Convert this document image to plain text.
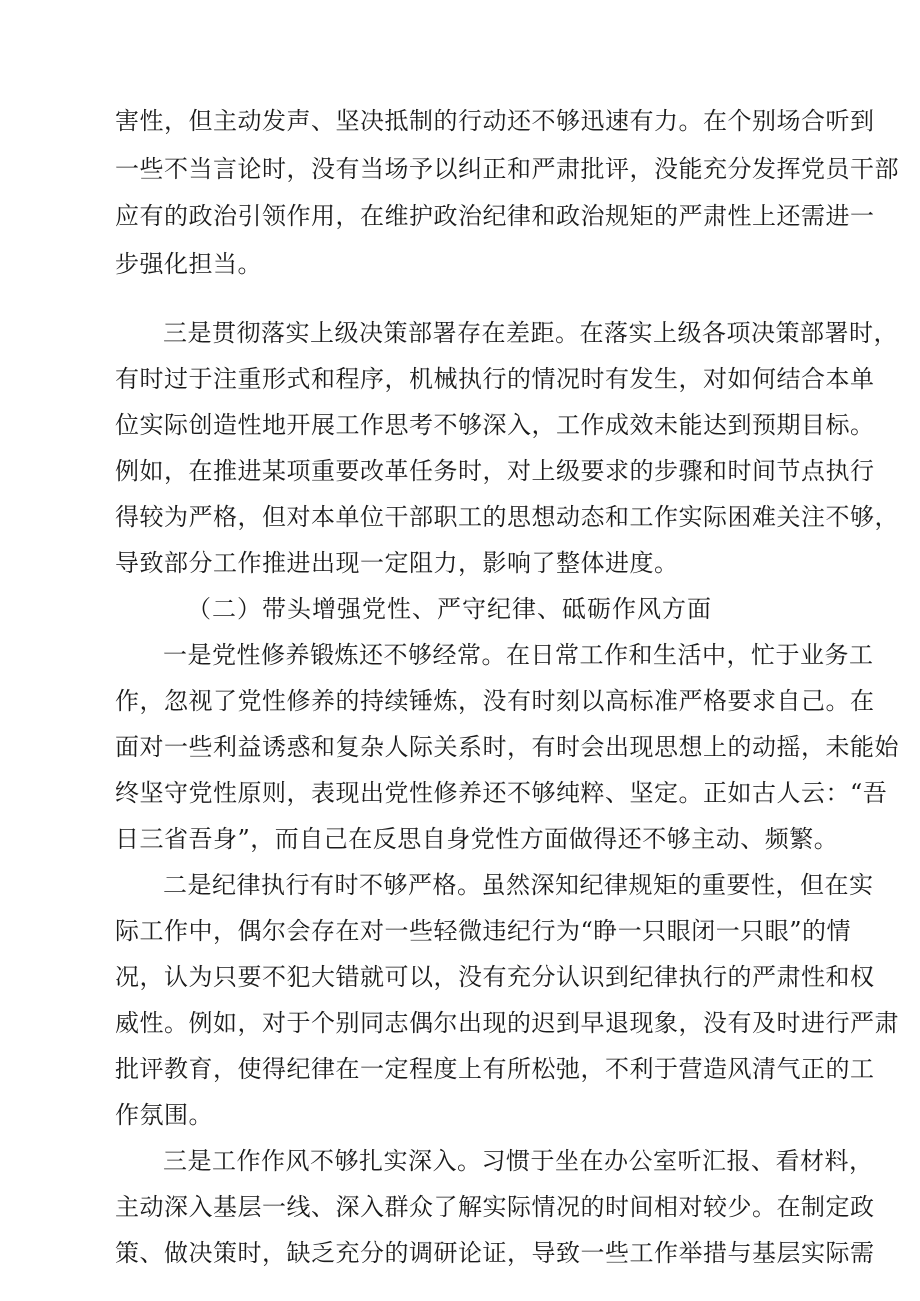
害性，但主动发声、坚决抵制的行动还不够迅速有力。在个别场合听到
一些不当言论时，没有当场予以纠正和严肃批评，没能充分发挥党员干部
应有的政治引领作用，在维护政治纪律和政治规矩的严肃性上还需进一
步强化担当。
三是贯彻落实上级决策部署存在差距。在落实上级各项决策部署时，
有时过于注重形式和程序，机械执行的情况时有发生，对如何结合本单
位实际创造性地开展工作思考不够深入，工作成效未能达到预期目标。
例如，在推进某项重要改革任务时，对上级要求的步骤和时间节点执行
得较为严格，但对本单位干部职工的思想动态和工作实际困难关注不够，
导致部分工作推进出现一定阻力，影响了整体进度。
（二）带头增强党性、严守纪律、砥砺作风方面
一是党性修养锻炼还不够经常。在日常工作和生活中，忙于业务工
作，忽视了党性修养的持续锤炼，没有时刻以高标准严格要求自己。在
面对一些利益诱惑和复杂人际关系时，有时会出现思想上的动摇，未能始
终坚守党性原则，表现出党性修养还不够纯粹、坚定。正如古人云：“吾
日三省吾身”，而自己在反思自身党性方面做得还不够主动、频繁。
二是纪律执行有时不够严格。虽然深知纪律规矩的重要性，但在实
际工作中，偶尔会存在对一些轻微违纪行为“睁一只眼闭一只眼”的情
况，认为只要不犯大错就可以，没有充分认识到纪律执行的严肃性和权
威性。例如，对于个别同志偶尔出现的迟到早退现象，没有及时进行严肃
批评教育，使得纪律在一定程度上有所松弛，不利于营造风清气正的工
作氛围。
三是工作作风不够扎实深入。习惯于坐在办公室听汇报、看材料，
主动深入基层一线、深入群众了解实际情况的时间相对较少。在制定政
策、做决策时，缺乏充分的调研论证，导致一些工作举措与基层实际需
